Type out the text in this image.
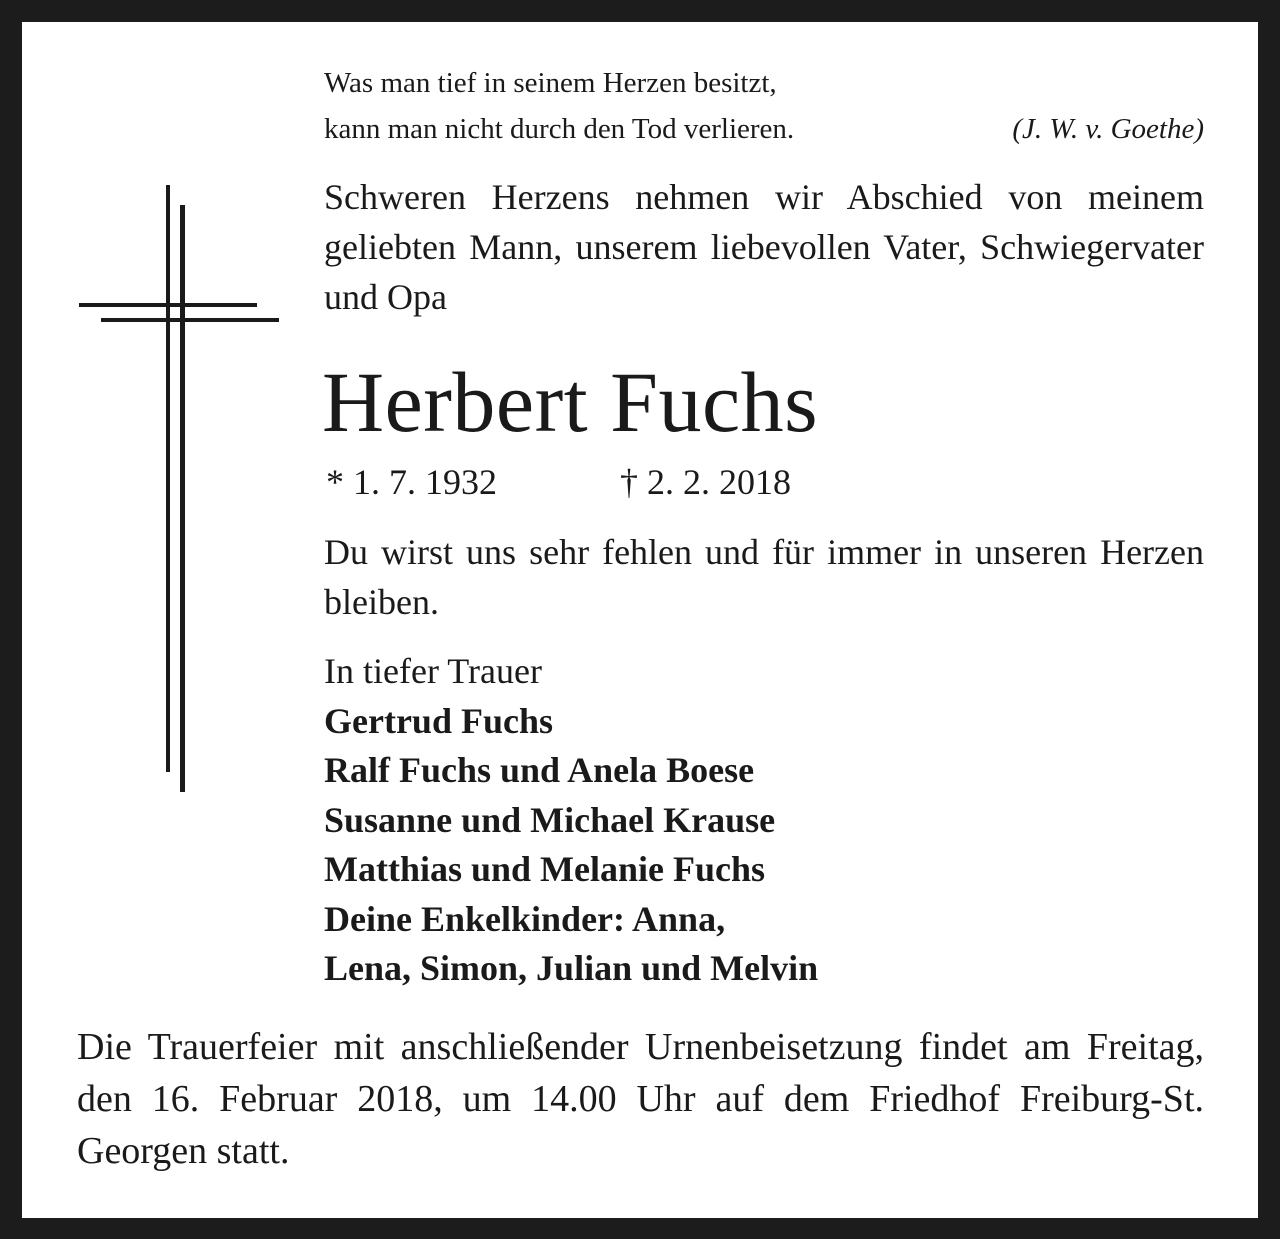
Was man tief in seinem Herzen besitzt,
kann man nicht durch den Tod verlieren.	(J. W. v. Goethe)
Schweren Herzens nehmen wir Abschied von meinem geliebten Mann, unserem liebevollen Vater, Schwiegervater und Opa
Herbert Fuchs
* 1. 7. 1932	† 2. 2. 2018
Du wirst uns sehr fehlen und für immer in unseren Herzen bleiben.
In tiefer Trauer
Gertrud Fuchs
Ralf Fuchs und Anela Boese
Susanne und Michael Krause
Matthias und Melanie Fuchs
Deine Enkelkinder: Anna,
Lena, Simon, Julian und Melvin
Die Trauerfeier mit anschließender Urnenbeisetzung findet am Freitag, den 16. Februar 2018, um 14.00 Uhr auf dem Friedhof Freiburg-St. Georgen statt.
